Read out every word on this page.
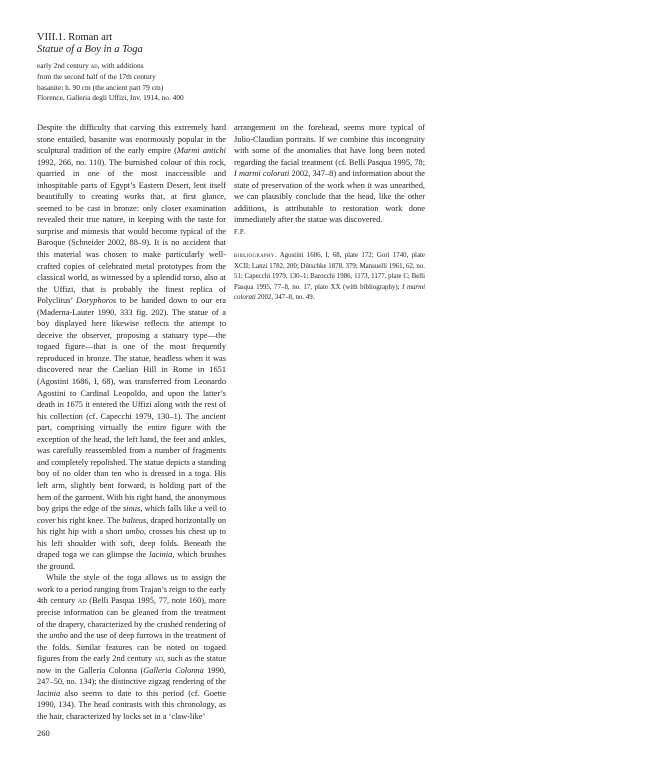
VIII.1. Roman art
Statue of a Boy in a Toga
early 2nd century ad, with additions
from the second half of the 17th century
basanite; h. 90 cm (the ancient part 79 cm)
Florence, Galleria degli Uffizi, Inv. 1914, no. 400

Despite the difficulty that carving this extremely hard stone entailed, basanite was enormously popular in the sculptural tradition of the early empire (Marmi antichi 1992, 266, no. 110). The burnished colour of this rock, quarried in one of the most inaccessible and inhospitable parts of Egypt’s Eastern Desert, lent itself beautifully to creating works that, at first glance, seemed to be cast in bronze: only closer examination revealed their true nature, in keeping with the taste for surprise and mimesis that would become typical of the Baroque (Schneider 2002, 88–9). It is no accident that this material was chosen to make particularly well-crafted copies of celebrated metal prototypes from the classical world, as witnessed by a splendid torso, also at the Uffizi, that is probably the finest replica of Polyclitus’ Doryphoros to be handed down to our era (Maderna-Lauter 1990, 333 fig. 202). The statue of a boy displayed here likewise reflects the attempt to deceive the observer, proposing a statuary type—the togaed figure—that is one of the most frequently reproduced in bronze. The statue, headless when it was discovered near the Caelian Hill in Rome in 1651 (Agostini 1686, I, 68), was transferred from Leonardo Agostini to Cardinal Leopoldo, and upon the latter’s death in 1675 it entered the Uffizi along with the rest of his collection (cf. Capecchi 1979, 130–1). The ancient part, comprising virtually the entire figure with the exception of the head, the left hand, the feet and ankles, was carefully reassembled from a number of fragments and completely repolished. The statue depicts a standing boy of no older than ten who is dressed in a toga. His left arm, slightly bent forward, is holding part of the hem of the garment. With his right hand, the anonymous boy grips the edge of the sinus, which falls like a veil to cover his right knee. The balteus, draped horizontally on his right hip with a short umbo, crosses his chest up to his left shoulder with soft, deep folds. Beneath the draped toga we can glimpse the lacinia, which brushes the ground.

While the style of the toga allows us to assign the work to a period ranging from Trajan’s reign to the early 4th century ad (Belli Pasqua 1995, 77, note 160), more precise information can be gleaned from the treatment of the drapery, characterized by the crushed rendering of the umbo and the use of deep furrows in the treatment of the folds. Similar features can be noted on togaed figures from the early 2nd century ad, such as the statue now in the Galleria Colonna (Galleria Colonna 1990, 247–50, no. 134); the distinctive zigzag rendering of the lacinia also seems to date to this period (cf. Goette 1990, 134). The head contrasts with this chronology, as the hair, characterized by locks set in a ‘claw-like’

arrangement on the forehead, seems more typical of Julio-Claudian portraits. If we combine this incongruity with some of the anomalies that have long been noted regarding the facial treatment (cf. Belli Pasqua 1995, 78; I marmi colorati 2002, 347–8) and information about the state of preservation of the work when it was unearthed, we can plausibly conclude that the head, like the other additions, is attributable to restoration work done immediately after the statue was discovered.

F.P.
bibliography. Agostini 1686, I, 68, plate 172; Gori 1740, plate XCII; Lanzi 1782, 200; Dütschke 1878, 379; Mansuelli 1961, 62, no. 51; Capecchi 1979, 130–1; Barocchi 1986, 1173, 1177, plate C; Belli Pasqua 1995, 77–8, no. 17, plate XX (with bibliography); I marmi colorati 2002, 347–8, no. 49.
260
